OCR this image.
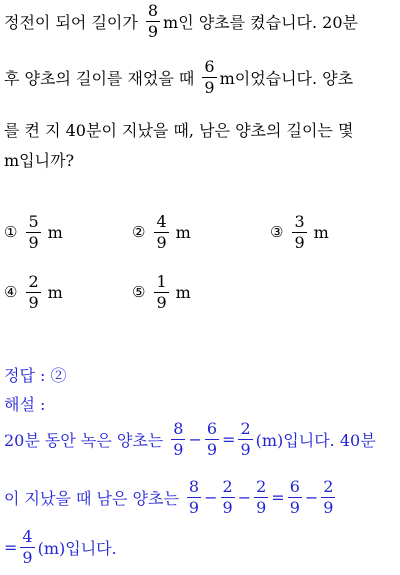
정전이 되어 길이가 $\frac{8}{9}$ m인 양초를 켰습니다. 20분
후 양초의 길이를 재었을 때 $\frac{6}{9}$ m이었습니다. 양초
를 켠 지 40분이 지났을 때, 남은 양초의 길이는 몇
m입니까?
① $\frac{5}{9}$ m	② $\frac{4}{9}$ m	③ $\frac{3}{9}$ m
④ $\frac{2}{9}$ m	⑤ $\frac{1}{9}$ m
정답 : ②
해설 :
20분 동안 녹은 양초는 $\frac{8}{9} - \frac{6}{9} = \frac{2}{9} (m)$입니다. 40분
이 지났을 때 남은 양초는 $\frac{8}{9} - \frac{2}{9} - \frac{2}{9} = \frac{6}{9} - \frac{2}{9}$
= $\frac{4}{9} (m)$입니다.
